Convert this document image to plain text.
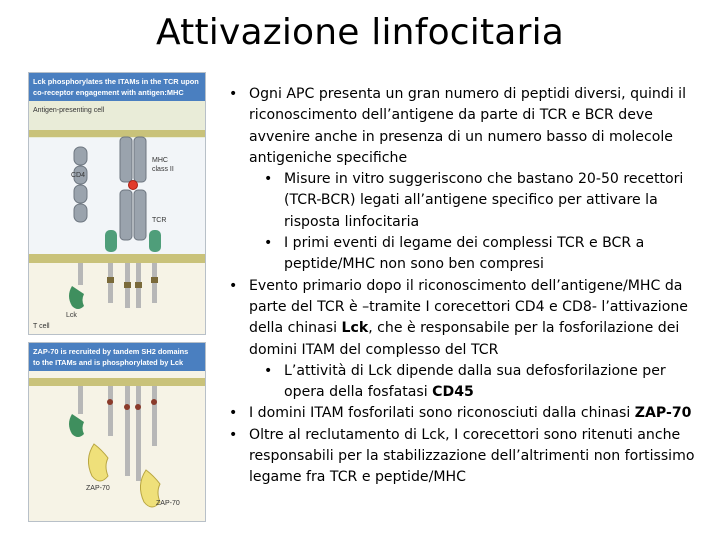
Attivazione linfocitaria
Lck phosphorylates the ITAMs in the TCR upon
co-receptor engagement with antigen:MHC
Antigen-presenting cell
CD4
MHC
class II
TCR
Lck
T cell
ZAP-70 is recruited by tandem SH2 domains
to the ITAMs and is phosphorylated by Lck
ZAP-70
ZAP-70
• Ogni APC presenta un gran numero di peptidi diversi, quindi il riconoscimento dell’antigene da parte di TCR e BCR deve avvenire anche in presenza di un numero basso di molecole antigeniche specifiche
• Misure in vitro suggeriscono che bastano 20-50 recettori (TCR-BCR) legati all’antigene specifico per attivare la risposta linfocitaria
• I primi eventi di legame dei complessi TCR e BCR a peptide/MHC non sono ben compresi
• Evento primario dopo il riconoscimento dell’antigene/MHC da parte del TCR è –tramite I corecettori CD4 e CD8- l’attivazione della chinasi Lck, che è responsabile per la fosforilazione dei domini ITAM del complesso del TCR
• L’attività di Lck dipende dalla sua defosforilazione per opera della fosfatasi CD45
• I domini ITAM fosforilati sono riconosciuti dalla chinasi ZAP-70
• Oltre al reclutamento di Lck, I corecettori sono ritenuti anche responsabili per la stabilizzazione dell’altrimenti non fortissimo legame fra TCR e peptide/MHC
